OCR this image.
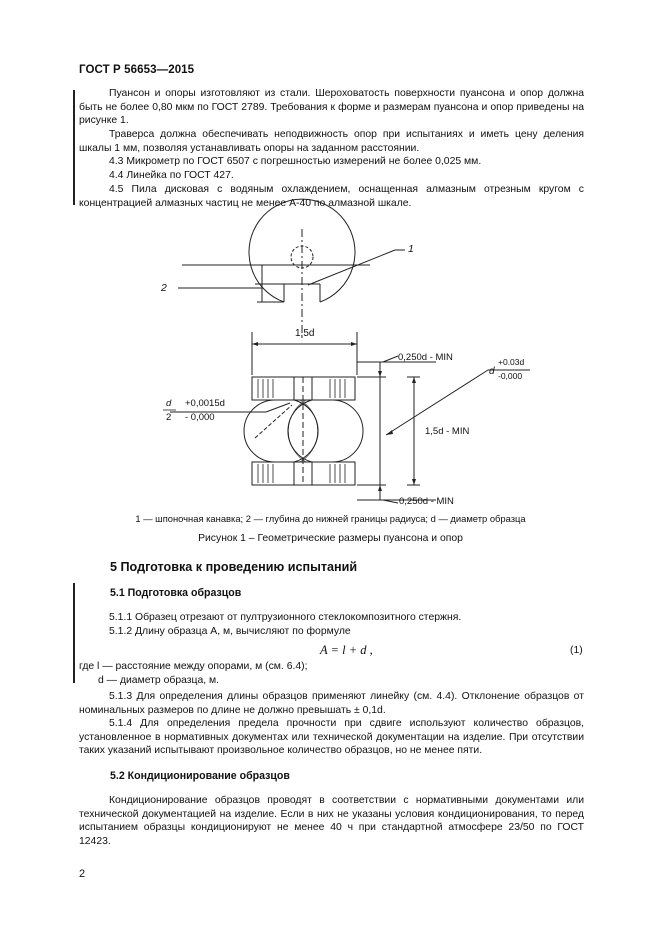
ГОСТ Р 56653—2015
Пуансон и опоры изготовляют из стали. Шероховатость поверхности пуансона и опор должна быть не более 0,80 мкм по ГОСТ 2789. Требования к форме и размерам пуансона и опор приведены на рисунке 1.
Траверса должна обеспечивать неподвижность опор при испытаниях и иметь цену деления шкалы 1 мм, позволяя устанавливать опоры на заданном расстоянии.
4.3 Микрометр по ГОСТ 6507 с погрешностью измерений не более 0,025 мм.
4.4 Линейка по ГОСТ 427.
4.5 Пила дисковая с водяным охлаждением, оснащенная алмазным отрезным кругом с концентрацией алмазных частиц не менее А-40 по алмазной шкале.
1
2
1,5d
0,250d - MIN
0,250d - MIN
1,5d - MIN
d
+0.03d
-0,000
d
2
+0,0015d
- 0,000
1 — шпоночная канавка; 2 — глубина до нижней границы радиуса; d — диаметр образца
Рисунок 1 – Геометрические размеры пуансона и опор
5 Подготовка к проведению испытаний
5.1 Подготовка образцов
5.1.1 Образец отрезают от пултрузионного стеклокомпозитного стержня.
5.1.2 Длину образца A, м, вычисляют по формуле
A = l + d ,	(1)
где l — расстояние между опорами, м (см. 6.4);
d — диаметр образца, м.
5.1.3 Для определения длины образцов применяют линейку (см. 4.4). Отклонение образцов от номинальных размеров по длине не должно превышать ± 0,1d.
5.1.4 Для определения предела прочности при сдвиге используют количество образцов, установленное в нормативных документах или технической документации на изделие. При отсутствии таких указаний испытывают произвольное количество образцов, но не менее пяти.
5.2 Кондиционирование образцов
Кондиционирование образцов проводят в соответствии с нормативными документами или технической документацией на изделие. Если в них не указаны условия кондиционирования, то перед испытанием образцы кондиционируют не менее 40 ч при стандартной атмосфере 23/50 по ГОСТ 12423.
2
